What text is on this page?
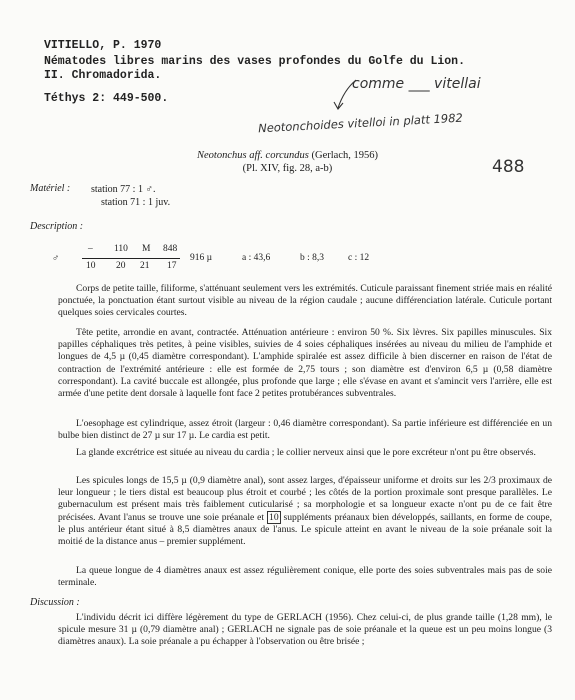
VITIELLO, P. 1970
Nématodes libres marins des vases profondes du Golfe du Lion.
II. Chromadorida.
Téthys 2: 449-500.
comme ___ vitellai
Neotonchoides vitelloi in platt 1982
488
Neotonchus aff. corcundus (Gerlach, 1956)
(Pl. XIV, fig. 28, a-b)
Matériel : station 77 : 1 ♂.
station 71 : 1 juv.
Description :
♂
– 110 M 848
10 20 21 17
916 µ	a : 43,6	b : 8,3	c : 12
Corps de petite taille, filiforme, s'atténuant seulement vers les extrémités. Cuticule paraissant finement striée mais en réalité ponctuée, la ponctuation étant surtout visible au niveau de la région caudale ; aucune différenciation latérale. Cuticule portant quelques soies cervicales courtes.
Tête petite, arrondie en avant, contractée. Atténuation antérieure : environ 50 %. Six lèvres. Six papilles minuscules. Six papilles céphaliques très petites, à peine visibles, suivies de 4 soies céphaliques insérées au niveau du milieu de l'amphide et longues de 4,5 µ (0,45 diamètre correspondant). L'amphide spiralée est assez difficile à bien discerner en raison de l'état de contraction de l'extrémité antérieure : elle est formée de 2,75 tours ; son diamètre est d'environ 6,5 µ (0,58 diamètre correspondant). La cavité buccale est allongée, plus profonde que large ; elle s'évase en avant et s'amincit vers l'arrière, elle est armée d'une petite dent dorsale à laquelle font face 2 petites protubérances subventrales.
L'oesophage est cylindrique, assez étroit (largeur : 0,46 diamètre correspondant). Sa partie inférieure est différenciée en un bulbe bien distinct de 27 µ sur 17 µ. Le cardia est petit.
La glande excrétrice est située au niveau du cardia ; le collier nerveux ainsi que le pore excréteur n'ont pu être observés.
Les spicules longs de 15,5 µ (0,9 diamètre anal), sont assez larges, d'épaisseur uniforme et droits sur les 2/3 proximaux de leur longueur ; le tiers distal est beaucoup plus étroit et courbé ; les côtés de la portion proximale sont presque parallèles. Le gubernaculum est présent mais très faiblement cuticularisé ; sa morphologie et sa longueur exacte n'ont pu de ce fait être précisées. Avant l'anus se trouve une soie préanale et 10 suppléments préanaux bien développés, saillants, en forme de coupe, le plus antérieur étant situé à 8,5 diamètres anaux de l'anus. Le spicule atteint en avant le niveau de la soie préanale soit la moitié de la distance anus – premier supplément.
La queue longue de 4 diamètres anaux est assez régulièrement conique, elle porte des soies subventrales mais pas de soie terminale.
Discussion :
L'individu décrit ici diffère légèrement du type de GERLACH (1956). Chez celui-ci, de plus grande taille (1,28 mm), le spicule mesure 31 µ (0,79 diamètre anal) ; GERLACH ne signale pas de soie préanale et la queue est un peu moins longue (3 diamètres anaux). La soie préanale a pu échapper à l'observation ou être brisée ;
